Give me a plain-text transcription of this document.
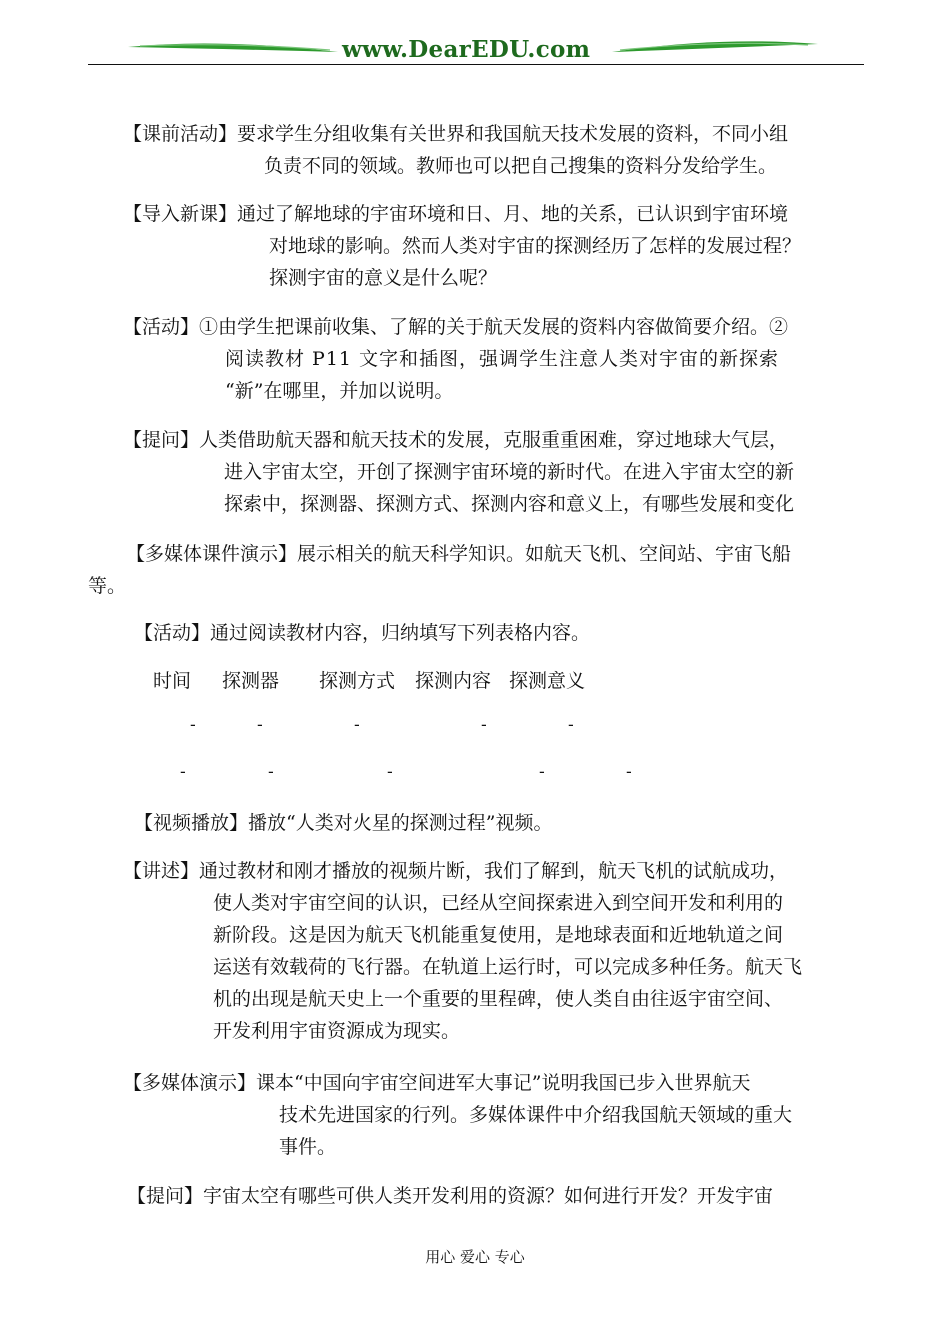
www.DearEDU.com
【课前活动】要求学生分组收集有关世界和我国航天技术发展的资料，不同小组
负责不同的领域。教师也可以把自己搜集的资料分发给学生。
【导入新课】通过了解地球的宇宙环境和日、月、地的关系，已认识到宇宙环境
对地球的影响。然而人类对宇宙的探测经历了怎样的发展过程？
探测宇宙的意义是什么呢？
【活动】①由学生把课前收集、了解的关于航天发展的资料内容做简要介绍。②
阅读教材 P11 文字和插图，强调学生注意人类对宇宙的新探索
“新”在哪里，并加以说明。
【提问】人类借助航天器和航天技术的发展，克服重重困难，穿过地球大气层，
进入宇宙太空，开创了探测宇宙环境的新时代。在进入宇宙太空的新
探索中，探测器、探测方式、探测内容和意义上，有哪些发展和变化
【多媒体课件演示】展示相关的航天科学知识。如航天飞机、空间站、宇宙飞船
等。
【活动】通过阅读教材内容，归纳填写下列表格内容。
时间 探测器 探测方式 探测内容 探测意义
-	-	-	-	-
-	-	-	-	-
【视频播放】播放“人类对火星的探测过程”视频。
【讲述】通过教材和刚才播放的视频片断，我们了解到，航天飞机的试航成功，
使人类对宇宙空间的认识，已经从空间探索进入到空间开发和利用的
新阶段。这是因为航天飞机能重复使用，是地球表面和近地轨道之间
运送有效载荷的飞行器。在轨道上运行时，可以完成多种任务。航天飞
机的出现是航天史上一个重要的里程碑，使人类自由往返宇宙空间、
开发利用宇宙资源成为现实。
【多媒体演示】课本“中国向宇宙空间进军大事记”说明我国已步入世界航天
技术先进国家的行列。多媒体课件中介绍我国航天领域的重大
事件。
【提问】宇宙太空有哪些可供人类开发利用的资源？如何进行开发？开发宇宙
用心 爱心 专心
